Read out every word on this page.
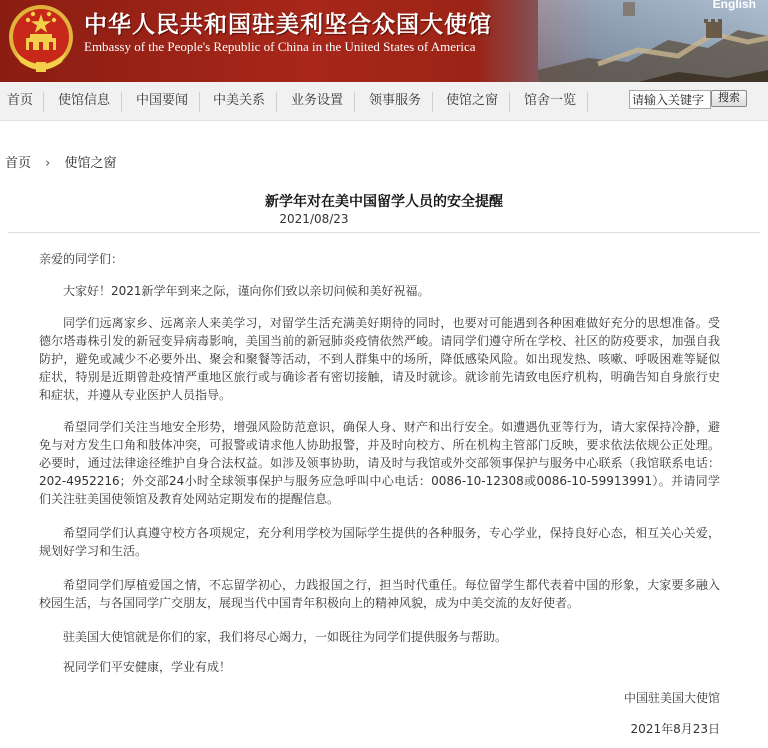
中华人民共和国驻美利坚合众国大使馆
Embassy of the People's Republic of China in the United States of America
English
首页 使馆信息 中国要闻 中美关系 业务设置 领事服务 使馆之窗 馆舍一览
请输入关键字	搜索
首页 › 使馆之窗
新学年对在美中国留学人员的安全提醒
2021/08/23
亲爱的同学们：

大家好！2021新学年到来之际，谨向你们致以亲切问候和美好祝福。

同学们远离家乡、远离亲人来美学习，对留学生活充满美好期待的同时，也要对可能遇到各种困难做好充分的思想准备。受德尔塔毒株引发的新冠变异病毒影响，美国当前的新冠肺炎疫情依然严峻。请同学们遵守所在学校、社区的防疫要求，加强自我防护，避免或减少不必要外出、聚会和聚餐等活动，不到人群集中的场所，降低感染风险。如出现发热、咳嗽、呼吸困难等疑似症状，特别是近期曾赴疫情严重地区旅行或与确诊者有密切接触，请及时就诊。就诊前先请致电医疗机构，明确告知自身旅行史和症状，并遵从专业医护人员指导。

希望同学们关注当地安全形势，增强风险防范意识，确保人身、财产和出行安全。如遭遇仇亚等行为，请大家保持冷静，避免与对方发生口角和肢体冲突，可报警或请求他人协助报警，并及时向校方、所在机构主管部门反映，要求依法依规公正处理。必要时，通过法律途径维护自身合法权益。如涉及领事协助，请及时与我馆或外交部领事保护与服务中心联系（我馆联系电话：202-4952216；外交部24小时全球领事保护与服务应急呼叫中心电话：0086-10-12308或0086-10-59913991）。并请同学们关注驻美国使领馆及教育处网站定期发布的提醒信息。

希望同学们认真遵守校方各项规定，充分利用学校为国际学生提供的各种服务，专心学业，保持良好心态，相互关心关爱，规划好学习和生活。

希望同学们厚植爱国之情，不忘留学初心，力践报国之行，担当时代重任。每位留学生都代表着中国的形象，大家要多融入校园生活，与各国同学广交朋友，展现当代中国青年积极向上的精神风貌，成为中美交流的友好使者。

驻美国大使馆就是你们的家，我们将尽心竭力，一如既往为同学们提供服务与帮助。

祝同学们平安健康，学业有成！

中国驻美国大使馆
2021年8月23日
